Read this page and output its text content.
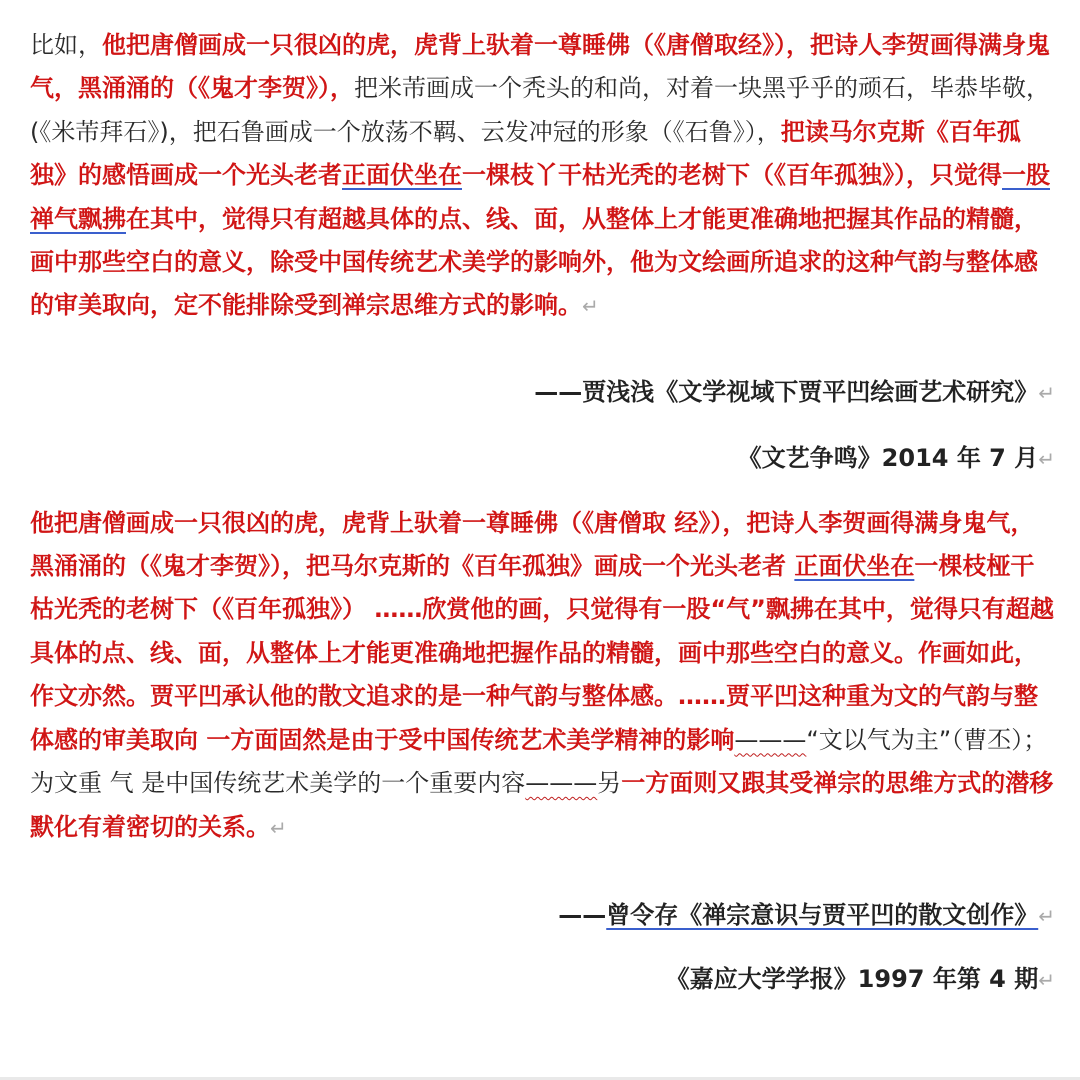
比如，他把唐僧画成一只很凶的虎，虎背上驮着一尊睡佛（《唐僧取经》），把诗人李贺画得满身鬼气，黑涌涌的（《鬼才李贺》），把米芾画成一个秃头的和尚，对着一块黑乎乎的顽石，毕恭毕敬，(《米芾拜石》)，把石鲁画成一个放荡不羁、云发冲冠的形象（《石鲁》），把读马尔克斯《百年孤独》的感悟画成一个光头老者正面伏坐在一棵枝丫干枯光秃的老树下（《百年孤独》），只觉得一股禅气飘拂在其中，觉得只有超越具体的点、线、面，从整体上才能更准确地把握其作品的精髓，画中那些空白的意义，除受中国传统艺术美学的影响外，他为文绘画所追求的这种气韵与整体感的审美取向，定不能排除受到禅宗思维方式的影响。↵

——贾浅浅《文学视域下贾平凹绘画艺术研究》↵
《文艺争鸣》2014 年 7 月↵

他把唐僧画成一只很凶的虎，虎背上驮着一尊睡佛（《唐僧取 经》），把诗人李贺画得满身鬼气，黑涌涌的（《鬼才李贺》），把马尔克斯的《百年孤独》画成一个光头老者 正面伏坐在一棵枝桠干枯光秃的老树下（《百年孤独》） ……欣赏他的画，只觉得有一股“气”飘拂在其中，觉得只有超越具体的点、线、面，从整体上才能更准确地把握作品的精髓，画中那些空白的意义。作画如此，作文亦然。贾平凹承认他的散文追求的是一种气韵与整体感。……贾平凹这种重为文的气韵与整体感的审美取向 一方面固然是由于受中国传统艺术美学精神的影响———“文以气为主”（曹丕）；为文重 气 是中国传统艺术美学的一个重要内容———另一方面则又跟其受禅宗的思维方式的潜移默化有着密切的关系。↵

——曾令存《禅宗意识与贾平凹的散文创作》↵
《嘉应大学学报》1997 年第 4 期↵
